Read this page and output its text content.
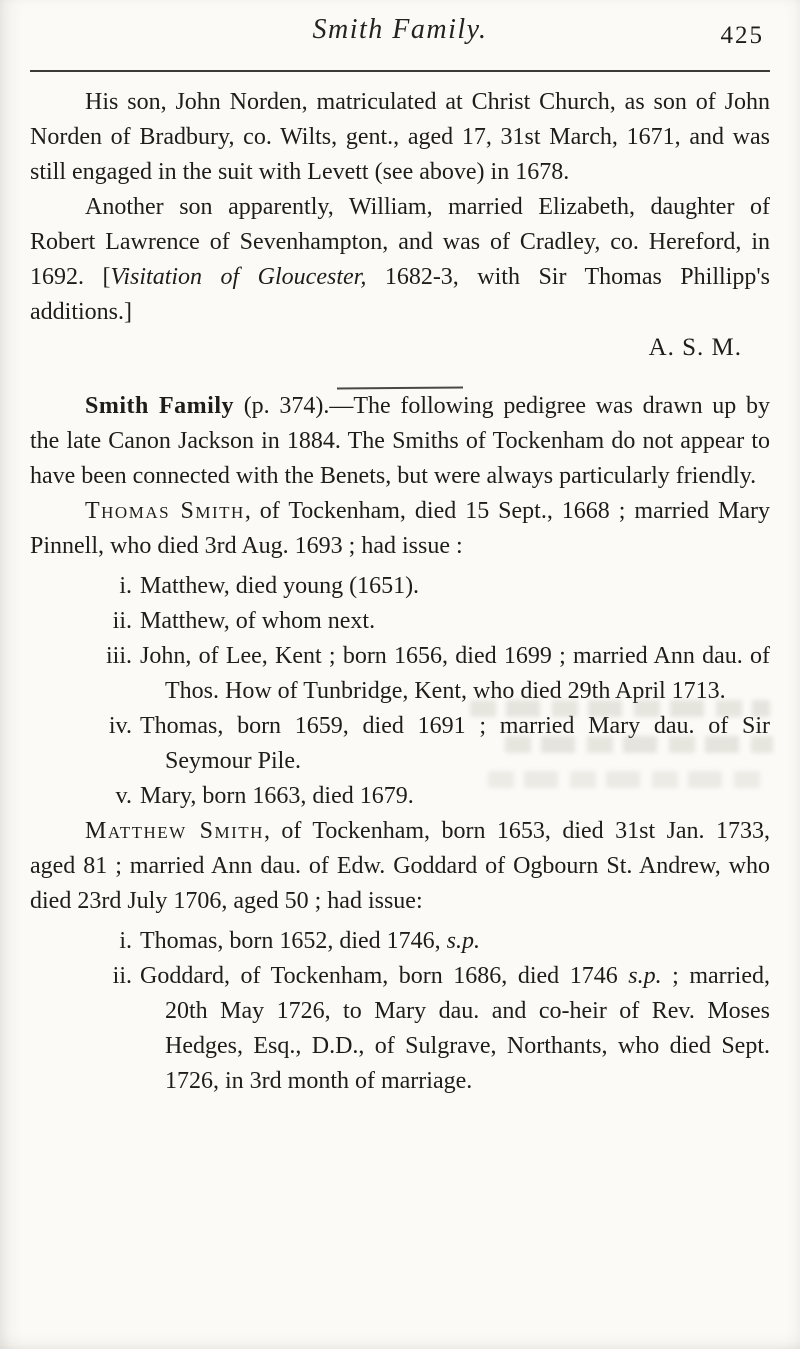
Smith Family.	425

His son, John Norden, matriculated at Christ Church, as son of John Norden of Bradbury, co. Wilts, gent., aged 17, 31st March, 1671, and was still engaged in the suit with Levett (see above) in 1678.

Another son apparently, William, married Elizabeth, daughter of Robert Lawrence of Sevenhampton, and was of Cradley, co. Hereford, in 1692. [Visitation of Gloucester, 1682-3, with Sir Thomas Phillipp's additions.]

A. S. M.

Smith Family (p. 374).—The following pedigree was drawn up by the late Canon Jackson in 1884. The Smiths of Tockenham do not appear to have been connected with the Benets, but were always particularly friendly.

Thomas Smith, of Tockenham, died 15 Sept., 1668 ; married Mary Pinnell, who died 3rd Aug. 1693 ; had issue :

i. Matthew, died young (1651).
ii. Matthew, of whom next.
iii. John, of Lee, Kent ; born 1656, died 1699 ; married Ann dau. of Thos. How of Tunbridge, Kent, who died 29th April 1713.
iv. Thomas, born 1659, died 1691 ; married Mary dau. of Sir Seymour Pile.
v. Mary, born 1663, died 1679.

Matthew Smith, of Tockenham, born 1653, died 31st Jan. 1733, aged 81 ; married Ann dau. of Edw. Goddard of Ogbourn St. Andrew, who died 23rd July 1706, aged 50 ; had issue:

i. Thomas, born 1652, died 1746, s.p.
ii. Goddard, of Tockenham, born 1686, died 1746 s.p. ; married, 20th May 1726, to Mary dau. and co-heir of Rev. Moses Hedges, Esq., D.D., of Sulgrave, Northants, who died Sept. 1726, in 3rd month of marriage.
